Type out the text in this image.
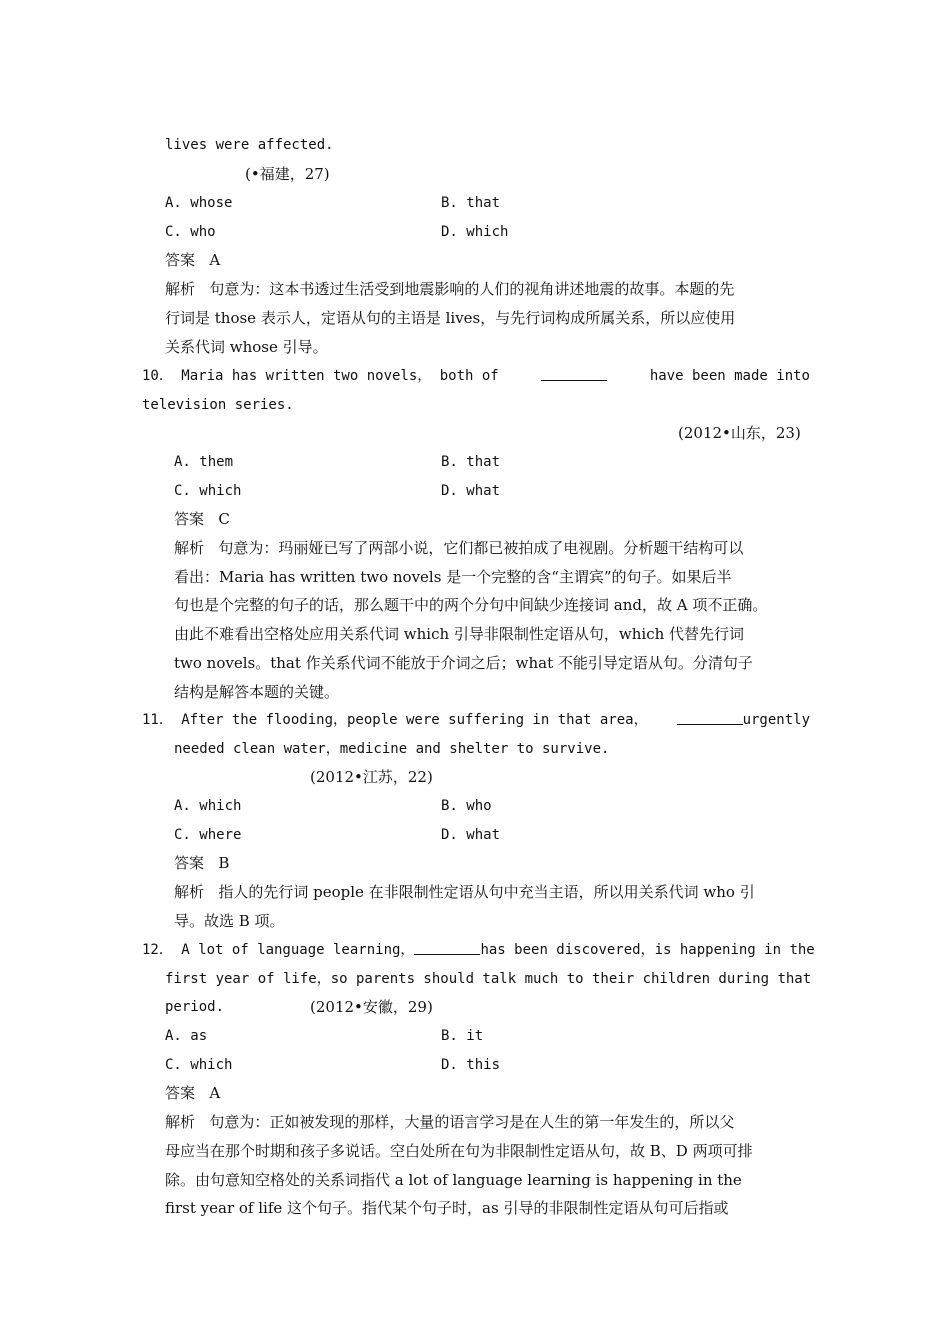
lives were affected.
(•福建，27)
A. whose	B. that
C. who	D. which
答案 A
解析 句意为：这本书透过生活受到地震影响的人们的视角讲述地震的故事。本题的先
行词是 those 表示人，定语从句的主语是 lives，与先行词构成所属关系，所以应使用
关系代词 whose 引导。
10． Maria has written two novels， both of	have been made into
television series.
(2012•山东，23)
A. them	B. that
C. which	D. what
答案 C
解析 句意为：玛丽娅已写了两部小说，它们都已被拍成了电视剧。分析题干结构可以
看出：Maria has written two novels 是一个完整的含“主谓宾”的句子。如果后半
句也是个完整的句子的话，那么题干中的两个分句中间缺少连接词 and，故 A 项不正确。
由此不难看出空格处应用关系代词 which 引导非限制性定语从句，which 代替先行词
two novels。that 作关系代词不能放于介词之后；what 不能引导定语从句。分清句子
结构是解答本题的关键。
11． After the flooding，people were suffering in that area，	urgently
needed clean water，medicine and shelter to survive.
(2012•江苏，22)
A. which	B. who
C. where	D. what
答案 B
解析 指人的先行词 people 在非限制性定语从句中充当主语，所以用关系代词 who 引
导。故选 B 项。
12． A lot of language learning，	has been discovered，is happening in the
first year of life，so parents should talk much to their children during that
period.	(2012•安徽，29)
A. as	B. it
C. which	D. this
答案 A
解析 句意为：正如被发现的那样，大量的语言学习是在人生的第一年发生的，所以父
母应当在那个时期和孩子多说话。空白处所在句为非限制性定语从句，故 B、D 两项可排
除。由句意知空格处的关系词指代 a lot of language learning is happening in the
first year of life 这个句子。指代某个句子时，as 引导的非限制性定语从句可后指或
